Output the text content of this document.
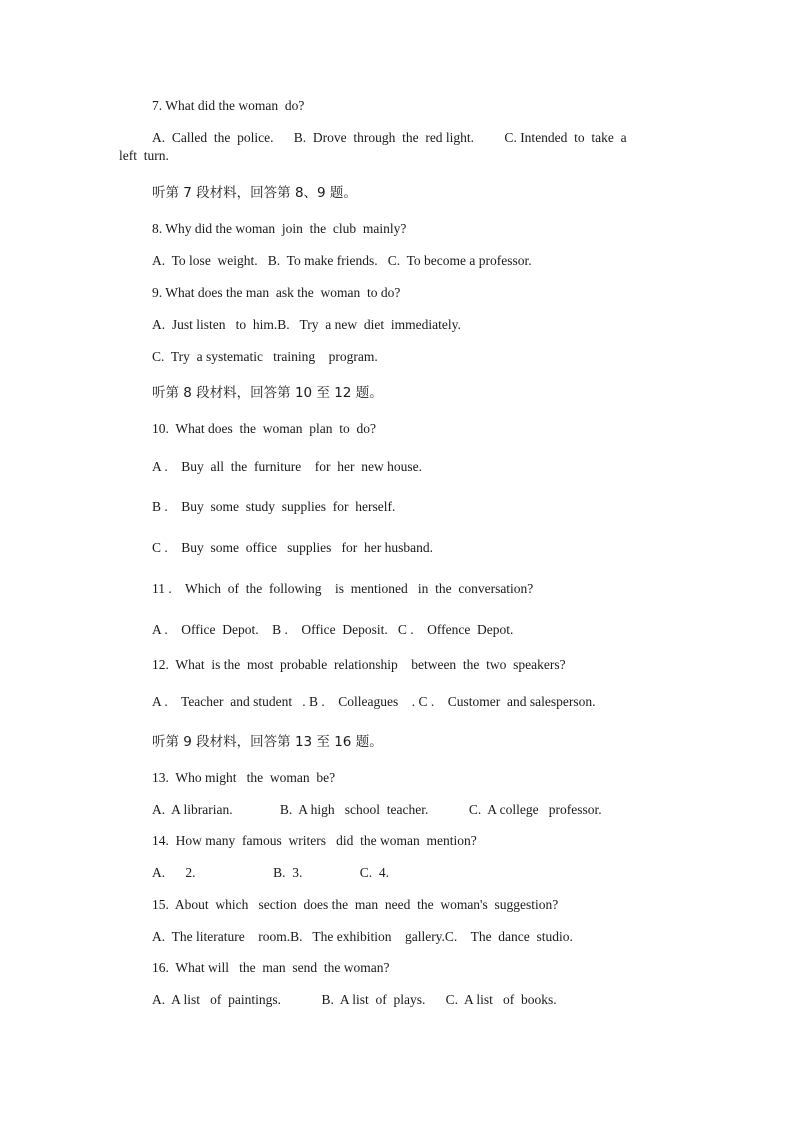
7. What did the woman  do?

A.  Called  the  police.      B.  Drove  through  the  red light.         C. Intended  to  take  a

left  turn.

听第 7 段材料，回答第 8、9 题。

8. Why did the woman  join  the  club  mainly?

A.  To lose  weight.   B.  To make friends.   C.  To become a professor.

9. What does the man  ask the  woman  to do?

A.  Just listen   to  him.B.   Try  a new  diet  immediately.

C.  Try  a systematic   training    program.

听第 8 段材料，回答第 10 至 12 题。

10.  What does  the  woman  plan  to  do?

A .    Buy  all  the  furniture    for  her  new house.

B .    Buy  some  study  supplies  for  herself.

C .    Buy  some  office   supplies   for  her husband.

11 .    Which  of  the  following    is  mentioned   in  the  conversation?

A .    Office  Depot.    B .    Office  Deposit.   C .    Offence  Depot.

12.  What  is the  most  probable  relationship    between  the  two  speakers?

A .    Teacher  and student   . B .    Colleagues    . C .    Customer  and salesperson.

听第 9 段材料，回答第 13 至 16 题。

13.  Who might   the  woman  be?

A.  A librarian.              B.  A high   school  teacher.            C.  A college   professor.

14.  How many  famous  writers   did  the woman  mention?

A.      2.                       B.  3.                 C.  4.

15.  About  which   section  does the  man  need  the  woman's  suggestion?

A.  The literature    room.B.   The exhibition    gallery.C.    The  dance  studio.

16.  What will   the  man  send  the woman?

A.  A list   of  paintings.            B.  A list  of  plays.      C.  A list   of  books.
